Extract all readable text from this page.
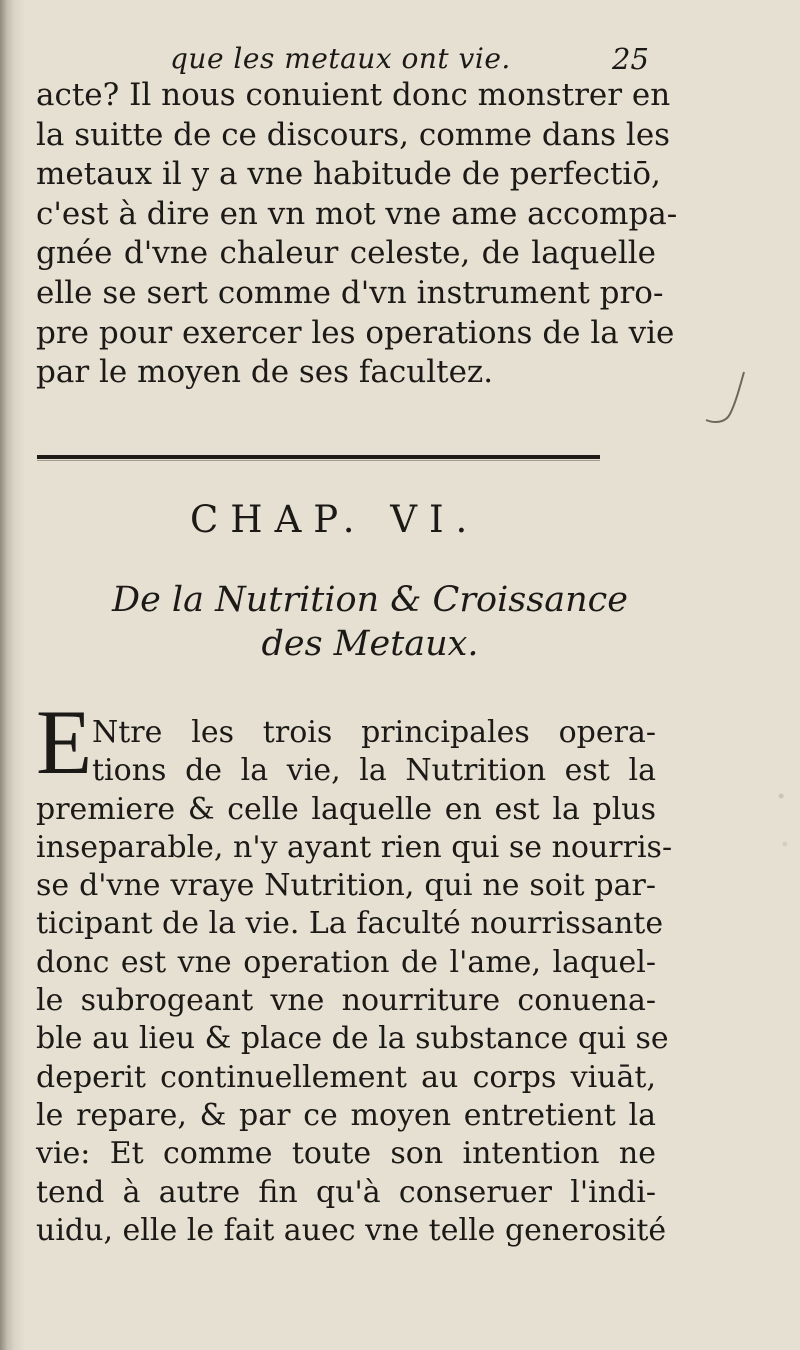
que les metaux ont vie.	25
acte? Il nous conuient donc monstrer en
la suitte de ce discours, comme dans les
metaux il y a vne habitude de perfectiō,
c'est à dire en vn mot vne ame accompa-
gnée d'vne chaleur celeste, de laquelle
elle se sert comme d'vn instrument pro-
pre pour exercer les operations de la vie
par le moyen de ses facultez.
CHAP. VI.
De la Nutrition & Croissance
des Metaux.
E Ntre les trois principales opera-
tions de la vie, la Nutrition est la
premiere & celle laquelle en est la plus
inseparable, n'y ayant rien qui se nourris-
se d'vne vraye Nutrition, qui ne soit par-
ticipant de la vie. La faculté nourrissante
donc est vne operation de l'ame, laquel-
le subrogeant vne nourriture conuena-
ble au lieu & place de la substance qui se
deperit continuellement au corps viuāt,
le repare, & par ce moyen entretient la
vie: Et comme toute son intention ne
tend à autre fin qu'à conseruer l'indi-
uidu, elle le fait auec vne telle generosité
